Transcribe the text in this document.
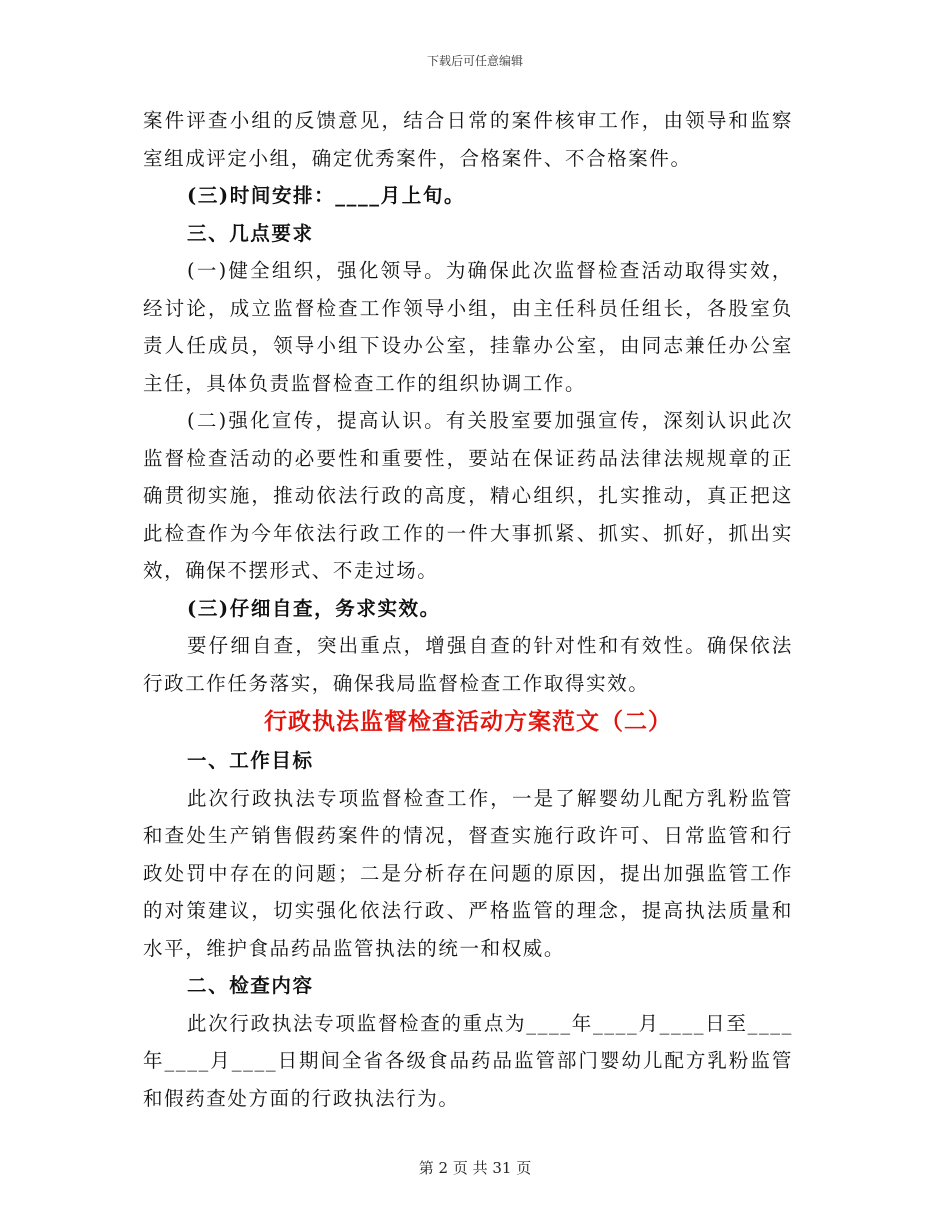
下载后可任意编辑

案件评查小组的反馈意见，结合日常的案件核审工作，由领导和监察室组成评定小组，确定优秀案件，合格案件、不合格案件。

(三)时间安排：____月上旬。

三、几点要求

(一)健全组织，强化领导。为确保此次监督检查活动取得实效，经讨论，成立监督检查工作领导小组，由主任科员任组长，各股室负责人任成员，领导小组下设办公室，挂靠办公室，由同志兼任办公室主任，具体负责监督检查工作的组织协调工作。

(二)强化宣传，提高认识。有关股室要加强宣传，深刻认识此次监督检查活动的必要性和重要性，要站在保证药品法律法规规章的正确贯彻实施，推动依法行政的高度，精心组织，扎实推动，真正把这此检查作为今年依法行政工作的一件大事抓紧、抓实、抓好，抓出实效，确保不摆形式、不走过场。

(三)仔细自查，务求实效。

要仔细自查，突出重点，增强自查的针对性和有效性。确保依法行政工作任务落实，确保我局监督检查工作取得实效。

行政执法监督检查活动方案范文（二）

一、工作目标

此次行政执法专项监督检查工作，一是了解婴幼儿配方乳粉监管和查处生产销售假药案件的情况，督查实施行政许可、日常监管和行政处罚中存在的问题；二是分析存在问题的原因，提出加强监管工作的对策建议，切实强化依法行政、严格监管的理念，提高执法质量和水平，维护食品药品监管执法的统一和权威。

二、检查内容

此次行政执法专项监督检查的重点为____年____月____日至____年____月____日期间全省各级食品药品监管部门婴幼儿配方乳粉监管和假药查处方面的行政执法行为。

第 2 页 共 31 页
